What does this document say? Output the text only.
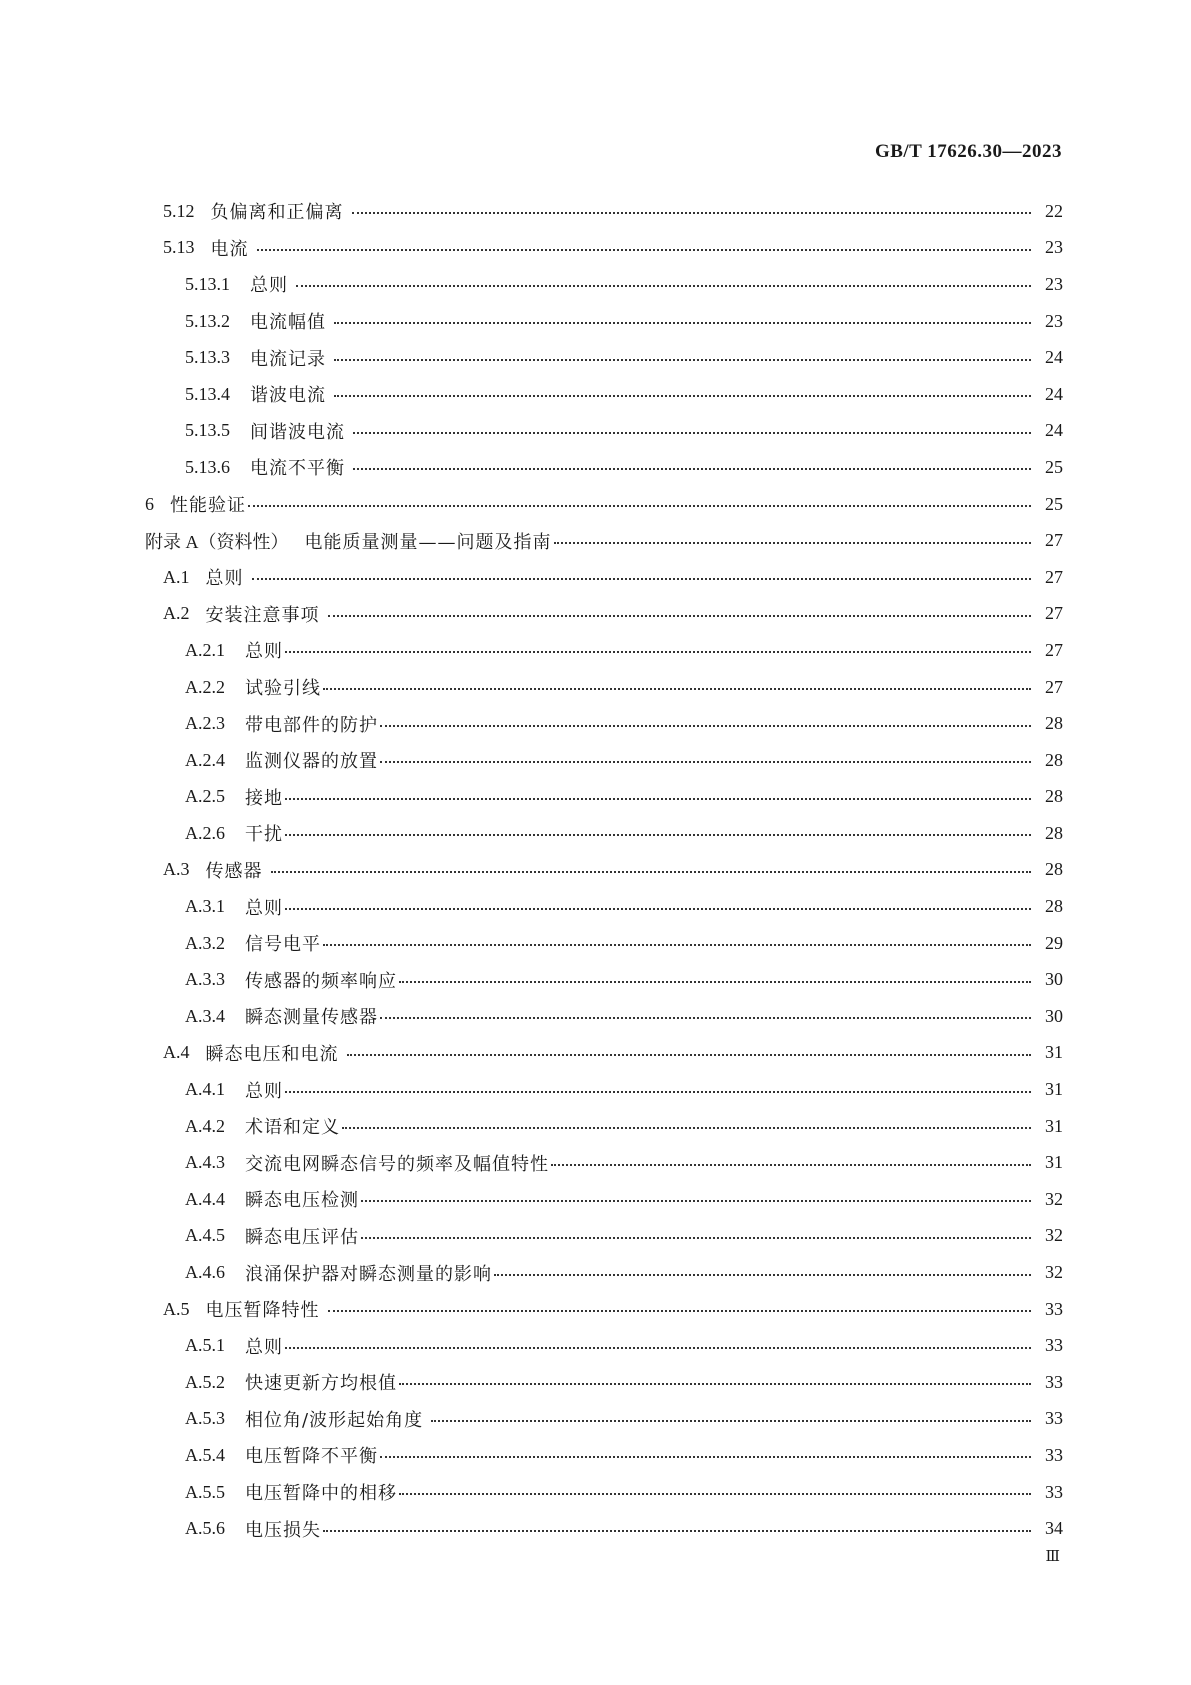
GB/T 17626.30—2023
5.12 负偏离和正偏离	22
5.13 电流	23
5.13.1 总则	23
5.13.2 电流幅值	23
5.13.3 电流记录	24
5.13.4 谐波电流	24
5.13.5 间谐波电流	24
5.13.6 电流不平衡	25
6 性能验证	25
附录 A（资料性） 电能质量测量——问题及指南	27
A.1 总则	27
A.2 安装注意事项	27
A.2.1 总则	27
A.2.2 试验引线	27
A.2.3 带电部件的防护	28
A.2.4 监测仪器的放置	28
A.2.5 接地	28
A.2.6 干扰	28
A.3 传感器	28
A.3.1 总则	28
A.3.2 信号电平	29
A.3.3 传感器的频率响应	30
A.3.4 瞬态测量传感器	30
A.4 瞬态电压和电流	31
A.4.1 总则	31
A.4.2 术语和定义	31
A.4.3 交流电网瞬态信号的频率及幅值特性	31
A.4.4 瞬态电压检测	32
A.4.5 瞬态电压评估	32
A.4.6 浪涌保护器对瞬态测量的影响	32
A.5 电压暂降特性	33
A.5.1 总则	33
A.5.2 快速更新方均根值	33
A.5.3 相位角/波形起始角度	33
A.5.4 电压暂降不平衡	33
A.5.5 电压暂降中的相移	33
A.5.6 电压损失	34
Ⅲ
